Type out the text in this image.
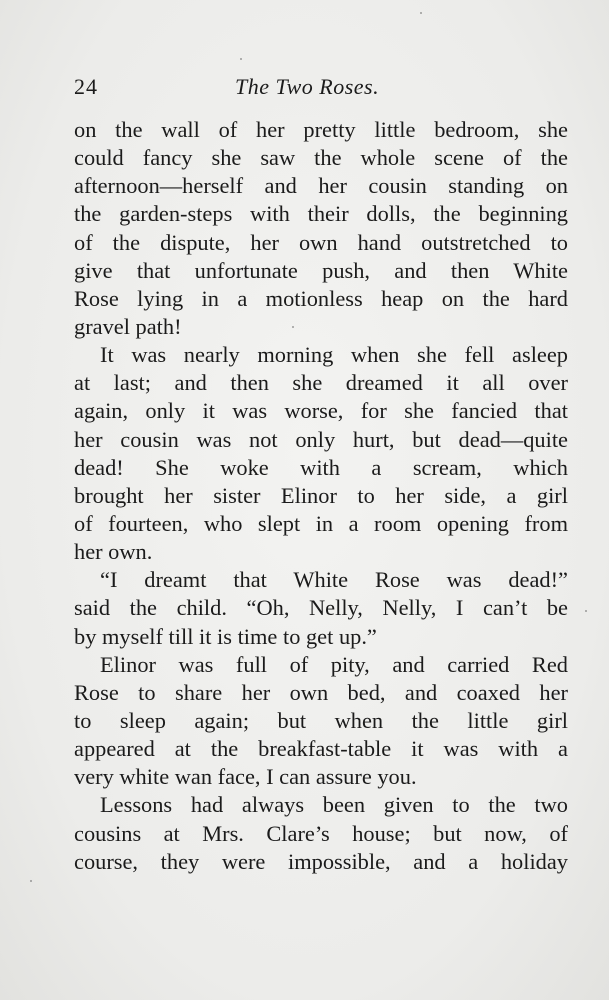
24	The Two Roses.
on the wall of her pretty little bedroom, she
could fancy she saw the whole scene of the
afternoon—herself and her cousin standing on
the garden-steps with their dolls, the beginning
of the dispute, her own hand outstretched to
give that unfortunate push, and then White
Rose lying in a motionless heap on the hard
gravel path!
It was nearly morning when she fell asleep
at last; and then she dreamed it all over
again, only it was worse, for she fancied that
her cousin was not only hurt, but dead—quite
dead! She woke with a scream, which
brought her sister Elinor to her side, a girl
of fourteen, who slept in a room opening from
her own.
“I dreamt that White Rose was dead!”
said the child. “Oh, Nelly, Nelly, I can’t be
by myself till it is time to get up.”
Elinor was full of pity, and carried Red
Rose to share her own bed, and coaxed her
to sleep again; but when the little girl
appeared at the breakfast-table it was with a
very white wan face, I can assure you.
Lessons had always been given to the two
cousins at Mrs. Clare’s house; but now, of
course, they were impossible, and a holiday
